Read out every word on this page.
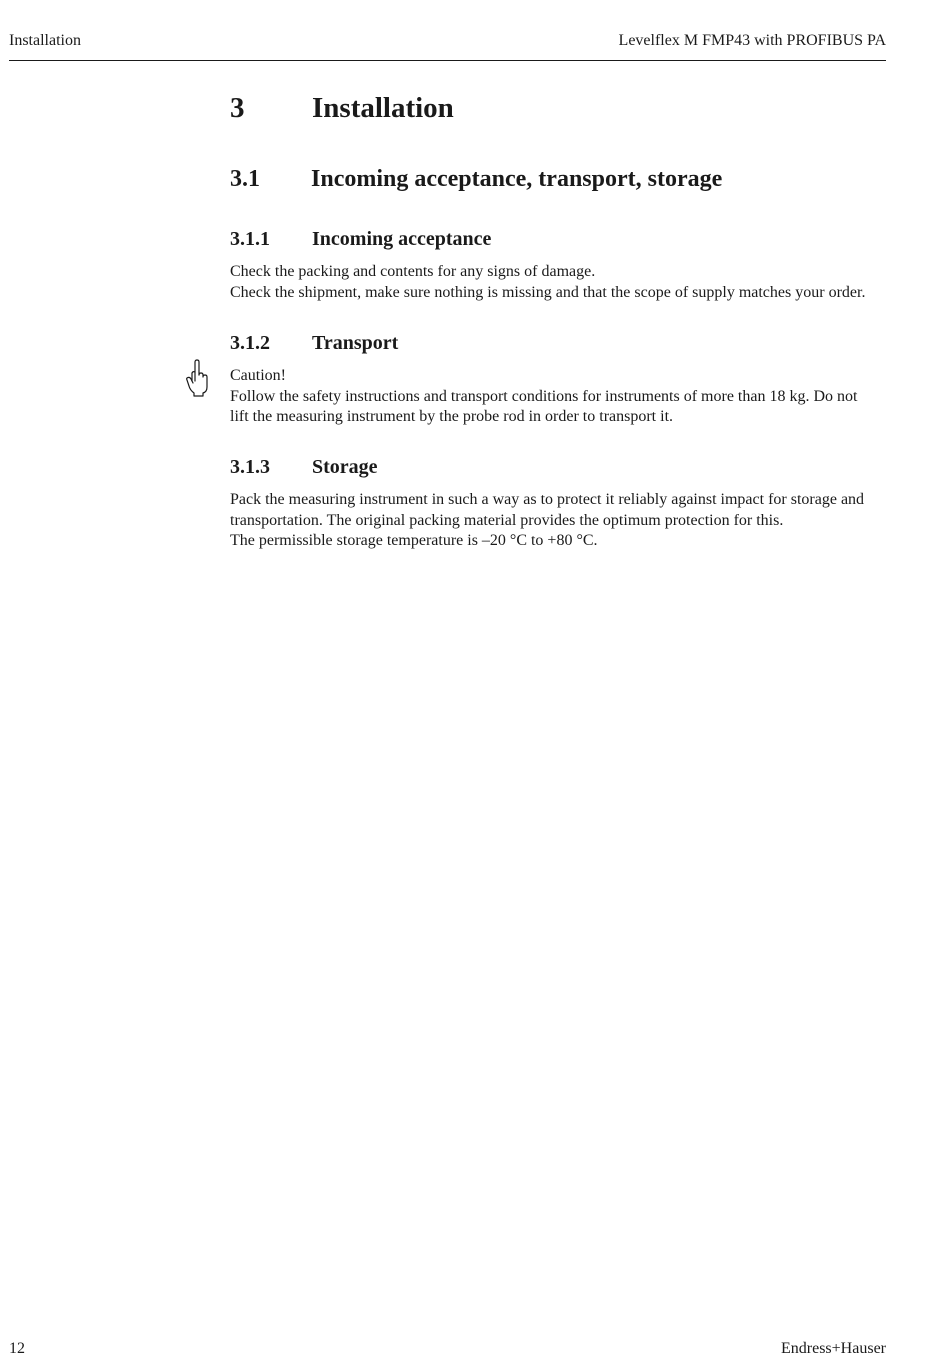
Installation	Levelflex M FMP43 with PROFIBUS PA
3 Installation
3.1 Incoming acceptance, transport, storage
3.1.1 Incoming acceptance
Check the packing and contents for any signs of damage.
Check the shipment, make sure nothing is missing and that the scope of supply matches your order.
3.1.2 Transport
Caution!
Follow the safety instructions and transport conditions for instruments of more than 18 kg. Do not
lift the measuring instrument by the probe rod in order to transport it.
3.1.3 Storage
Pack the measuring instrument in such a way as to protect it reliably against impact for storage and
transportation. The original packing material provides the optimum protection for this.
The permissible storage temperature is –20 °C to +80 °C.
12	Endress+Hauser
